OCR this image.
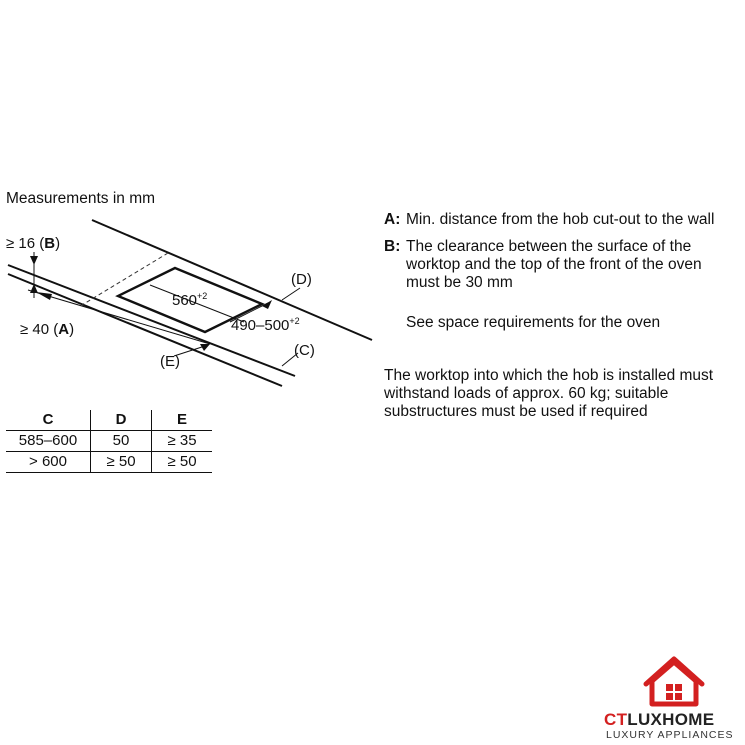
Measurements in mm
≥ 16 (B)
≥ 40 (A)
(D)
(E)
(C)
$560^{+2}$
$490-500^{+2}$
C	D	E
585–600	50	≥ 35
> 600	≥ 50	≥ 50
A: Min. distance from the hob cut-out to the wall
B: The clearance between the surface of the worktop and the top of the front of the oven must be 30 mm
See space requirements for the oven
The worktop into which the hob is installed must withstand loads of approx. 60 kg; suitable substructures must be used if required
CTLUXHOME
LUXURY APPLIANCES
